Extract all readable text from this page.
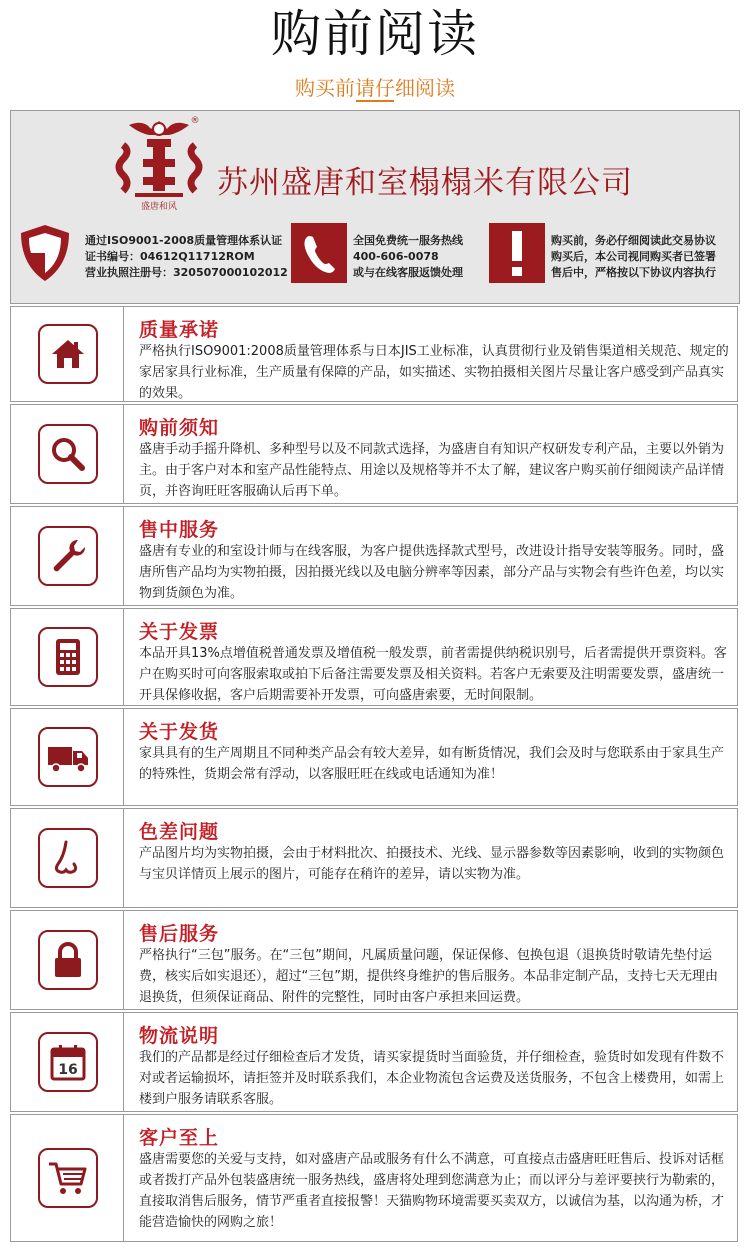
购前阅读
购买前请仔细阅读
盛唐和风
®
苏州盛唐和室榻榻米有限公司
通过ISO9001-2008质量管理体系认证
证书编号：04612Q11712ROM
营业执照注册号：320507000102012
全国免费统一服务热线
400-606-0078
或与在线客服返馈处理
购买前，务必仔细阅读此交易协议
购买后，本公司视同购买者已签署
售后中，严格按以下协议内容执行
质量承诺
严格执行ISO9001:2008质量管理体系与日本JIS工业标准，认真贯彻行业及销售渠道相关规范、规定的家居家具行业标准，生产质量有保障的产品，如实描述、实物拍摄相关图片尽量让客户感受到产品真实的效果。
购前须知
盛唐手动手摇升降机、多种型号以及不同款式选择，为盛唐自有知识产权研发专利产品，主要以外销为主。由于客户对本和室产品性能特点、用途以及规格等并不太了解，建议客户购买前仔细阅读产品详情页，并咨询旺旺客服确认后再下单。
售中服务
盛唐有专业的和室设计师与在线客服，为客户提供选择款式型号，改进设计指导安装等服务。同时，盛唐所售产品均为实物拍摄，因拍摄光线以及电脑分辨率等因素，部分产品与实物会有些许色差，均以实物到货颜色为准。
关于发票
本品开具13%点增值税普通发票及增值税一般发票，前者需提供纳税识别号，后者需提供开票资料。客户在购买时可向客服索取或拍下后备注需要发票及相关资料。若客户无索要及注明需要发票，盛唐统一开具保修收据，客户后期需要补开发票，可向盛唐索要，无时间限制。
关于发货
家具具有的生产周期且不同种类产品会有较大差异，如有断货情况，我们会及时与您联系由于家具生产的特殊性，货期会常有浮动，以客服旺旺在线或电话通知为准！
色差问题
产品图片均为实物拍摄，会由于材料批次、拍摄技术、光线、显示器参数等因素影响，收到的实物颜色与宝贝详情页上展示的图片，可能存在稍许的差异，请以实物为准。
售后服务
严格执行“三包”服务。在“三包”期间，凡属质量问题，保证保修、包换包退（退换货时敬请先垫付运费，核实后如实退还），超过“三包”期，提供终身维护的售后服务。本品非定制产品，支持七天无理由退换货，但须保证商品、附件的完整性，同时由客户承担来回运费。
16
物流说明
我们的产品都是经过仔细检查后才发货，请买家提货时当面验货，并仔细检查，验货时如发现有件数不对或者运输损坏，请拒签并及时联系我们，本企业物流包含运费及送货服务，不包含上楼费用，如需上楼到户服务请联系客服。
客户至上
盛唐需要您的关爱与支持，如对盛唐产品或服务有什么不满意，可直接点击盛唐旺旺售后、投诉对话框或者拨打产品外包装盛唐统一服务热线，盛唐将处理到您满意为止；而以评分与差评要挟行为勒索的，直接取消售后服务，情节严重者直接报警！天猫购物环境需要买卖双方，以诚信为基，以沟通为桥，才能营造愉快的网购之旅！
